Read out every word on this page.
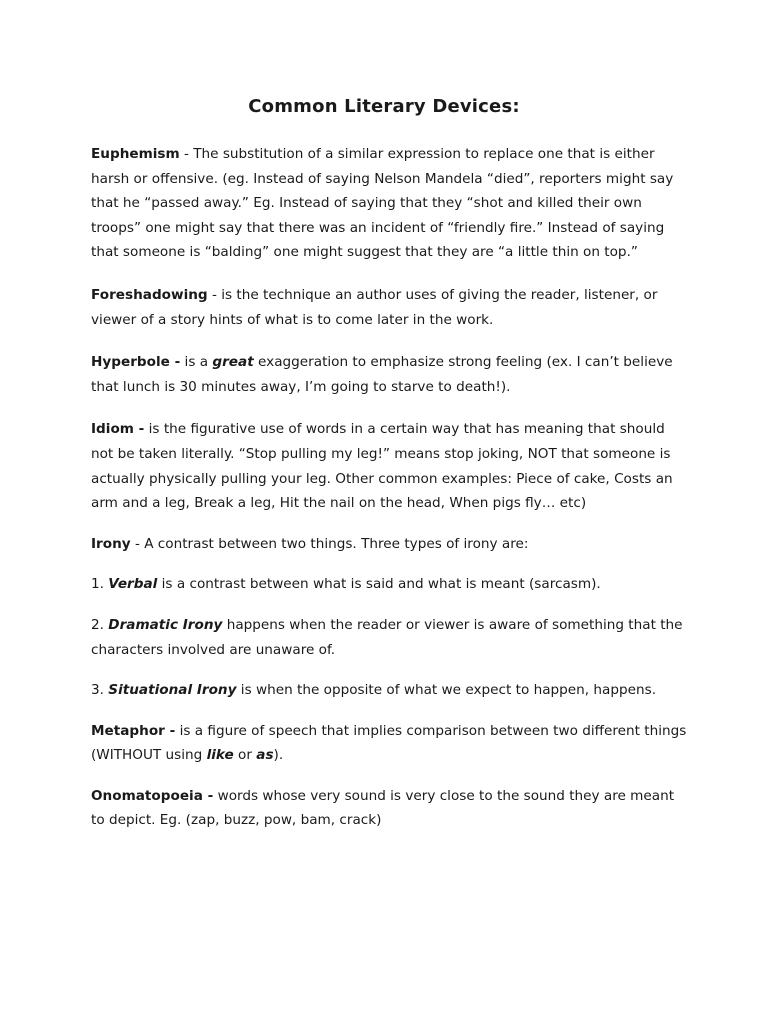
Common Literary Devices:

Euphemism - The substitution of a similar expression to replace one that is either harsh or offensive. (eg. Instead of saying Nelson Mandela “died”, reporters might say that he “passed away.” Eg. Instead of saying that they “shot and killed their own troops” one might say that there was an incident of “friendly fire.” Instead of saying that someone is “balding” one might suggest that they are “a little thin on top.”

Foreshadowing - is the technique an author uses of giving the reader, listener, or viewer of a story hints of what is to come later in the work.

Hyperbole - is a great exaggeration to emphasize strong feeling (ex. I can’t believe that lunch is 30 minutes away, I’m going to starve to death!).

Idiom - is the figurative use of words in a certain way that has meaning that should not be taken literally. “Stop pulling my leg!” means stop joking, NOT that someone is actually physically pulling your leg. Other common examples: Piece of cake, Costs an arm and a leg, Break a leg, Hit the nail on the head, When pigs fly… etc)

Irony - A contrast between two things. Three types of irony are:

1. Verbal is a contrast between what is said and what is meant (sarcasm).

2. Dramatic Irony happens when the reader or viewer is aware of something that the characters involved are unaware of.

3. Situational Irony is when the opposite of what we expect to happen, happens.

Metaphor - is a figure of speech that implies comparison between two different things (WITHOUT using like or as).

Onomatopoeia - words whose very sound is very close to the sound they are meant to depict. Eg. (zap, buzz, pow, bam, crack)
